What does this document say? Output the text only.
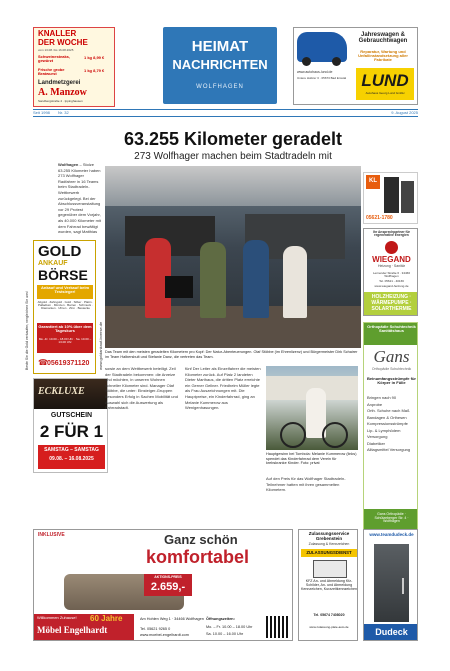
KNALLER
DER WOCHE
vom 13.08. bis 16.08.2025
Schweinesteaks, gewürzt
1 kg 8,99 €
Frische grobe Bratwurst
1 kg 8,79 €
Landmetzgerei
A. Manzow
Sandbergstraße 4 · Ippinghausen
HEIMAT
NACHRICHTEN
WOLFHAGEN
Jahreswagen & Gebrauchtwagen
Reparatur, Wartung und Unfallinstandsetzung aller Fabrikate
www.autohaus-lund.de
Untere Holtzer 3 · 05673 Bad Emstal LUND
Autohaus Georg Lund GmbH
Seit 1998 Nr. 32	9. August 2025
GOLD
ANKAUF
BÖRSE
Ankauf und Verkauf beim Testsieger!
Altgold · Zahngold · Gold · Silber · Platin · Palladium · Münzen · Barren · Schmuck · Diamanten · Uhren · Zinn · Bestecke
Garantiert ab 10% über dem Tageskurs
Mo.-Fr. 10.00 – 18.00 Uhr · Sa. 10.00 – 13.00 Uhr
☎ 05619371120 www.goldankauf-boerse.de
Beste Sie die Gold verkaufen, vergleichen Sie uns!
ECKLUXE
GUTSCHEIN
2 FÜR 1
SAMSTAG – SAMSTAG
09.08. – 16.08.2025
63.255 Kilometer geradelt
273 Wolfhager machen beim Stadtradeln mit

Wolfhagen – Stolze 63.255 Kilometer haben 273 Wolfhager Radfahrer in 16 Teams beim Stadtradeln-Wettbewerb zurückgelegt. Bei der Abschlussveranstaltung vor 29 Protest gegenüber dem Vorjahr, als 40.000 Kilometer mit dem Fahrrad bewältigt wurden, sagt Matthias

Das Team mit den meisten geradelten Kilometern pro Kopf: Der Natur-Abenteuerungen. Olaf Stöbbe (im Ehrenlizenz) und Bürgermeister Dirk Schairer im Team Halbersbult und Stefanie Danz, die vertreten das Team.

sowie an dem Wettbewerb beteiligt. Zeil der Stadtradeln bekommen: die Anreize und möchten, in unseren Wohnen schneller Kilometer sind. Manager Olaf Stöbbe, die unter: Einsteiger-Gruppen besonders Erfolg in Sachen Mobilität und Auswahl sich die Auswertung als Fahrradstadt.

fünf Der Leiter als Einzelfahrer die meisten Kilometer zurück. Auf Platz 2 landeten Dieter Marthaus, die dritten Platz erreichte ein Gerner Gellner. Friedhelm Müller legte als Frau Auszeichnungen mit. Die Hauptpreise, ein Kinderfahrrad, ging an Melanie Kummerow aus Wenigenhasungen.

Hauptgewinn bei Tombola: Melanie Kummerow (links) spendet das Kinderfahrrad dem Verein für krebskranke Kinder. Foto: privat

Auf den Preis für das Wolfhager Stadtradeln-Teilnehmer hatten mit ihren gesammelten Kilometern.

KL
05621-1780
Ihr Ansprechpartner für regenerative Energien
WIEGAND
Heizung · Sanitär
Lernender Straße 6 · 34466 Wolfhagen
Tel. 05621 - 40166
www.wiegand-heizung.de
HOLZHEIZUNG · WÄRMEPUMPE · SOLARTHERMIE
Orthopädie Schuhtechnik Sanitätshaus
Gans
Orthopädie Schuhtechnik
Beinumfangsstrümpfe für Körper in Fülle
Bringen nach 90
Anprobe
Orth. Schuhe nach Maß
Bandagen & Orthesen
Kompressionsstrümpfe
Lip- & Lymphödem
Versorgung
Diabetiker
Alltagsmittel Versorgung
Gans Orthopädie · Schützeberger Str. 4 · Wolfhagen
INKLUSIVE	Ganz schön
komfortabel
AKTIONS-PREIS
2.659,-
Willkommen Zuhause! 60 Jahre
Möbel Engelhardt
Am Hohlen Weg 1 · 34466 Wolfhagen
Tel. 05621 9265 0
www.moebel-engelhardt.com
Öffnungszeiten:
Mo. – Fr. 10.00 – 18.00 Uhr
Sa. 10.00 – 16.00 Uhr
Zulassungsservice Grebenstein
Zulassung & Kennzeichen
ZULASSUNGSDIENST
KFZ An- und Abmeldung Kfz-Schilder, An- und Abmeldung Kennzeichen, Kurzzeitkennzeichen
Tel. 05674 7408020
www.zulassung-plate-auto.de
www.teamdudeck.de
Dudeck
